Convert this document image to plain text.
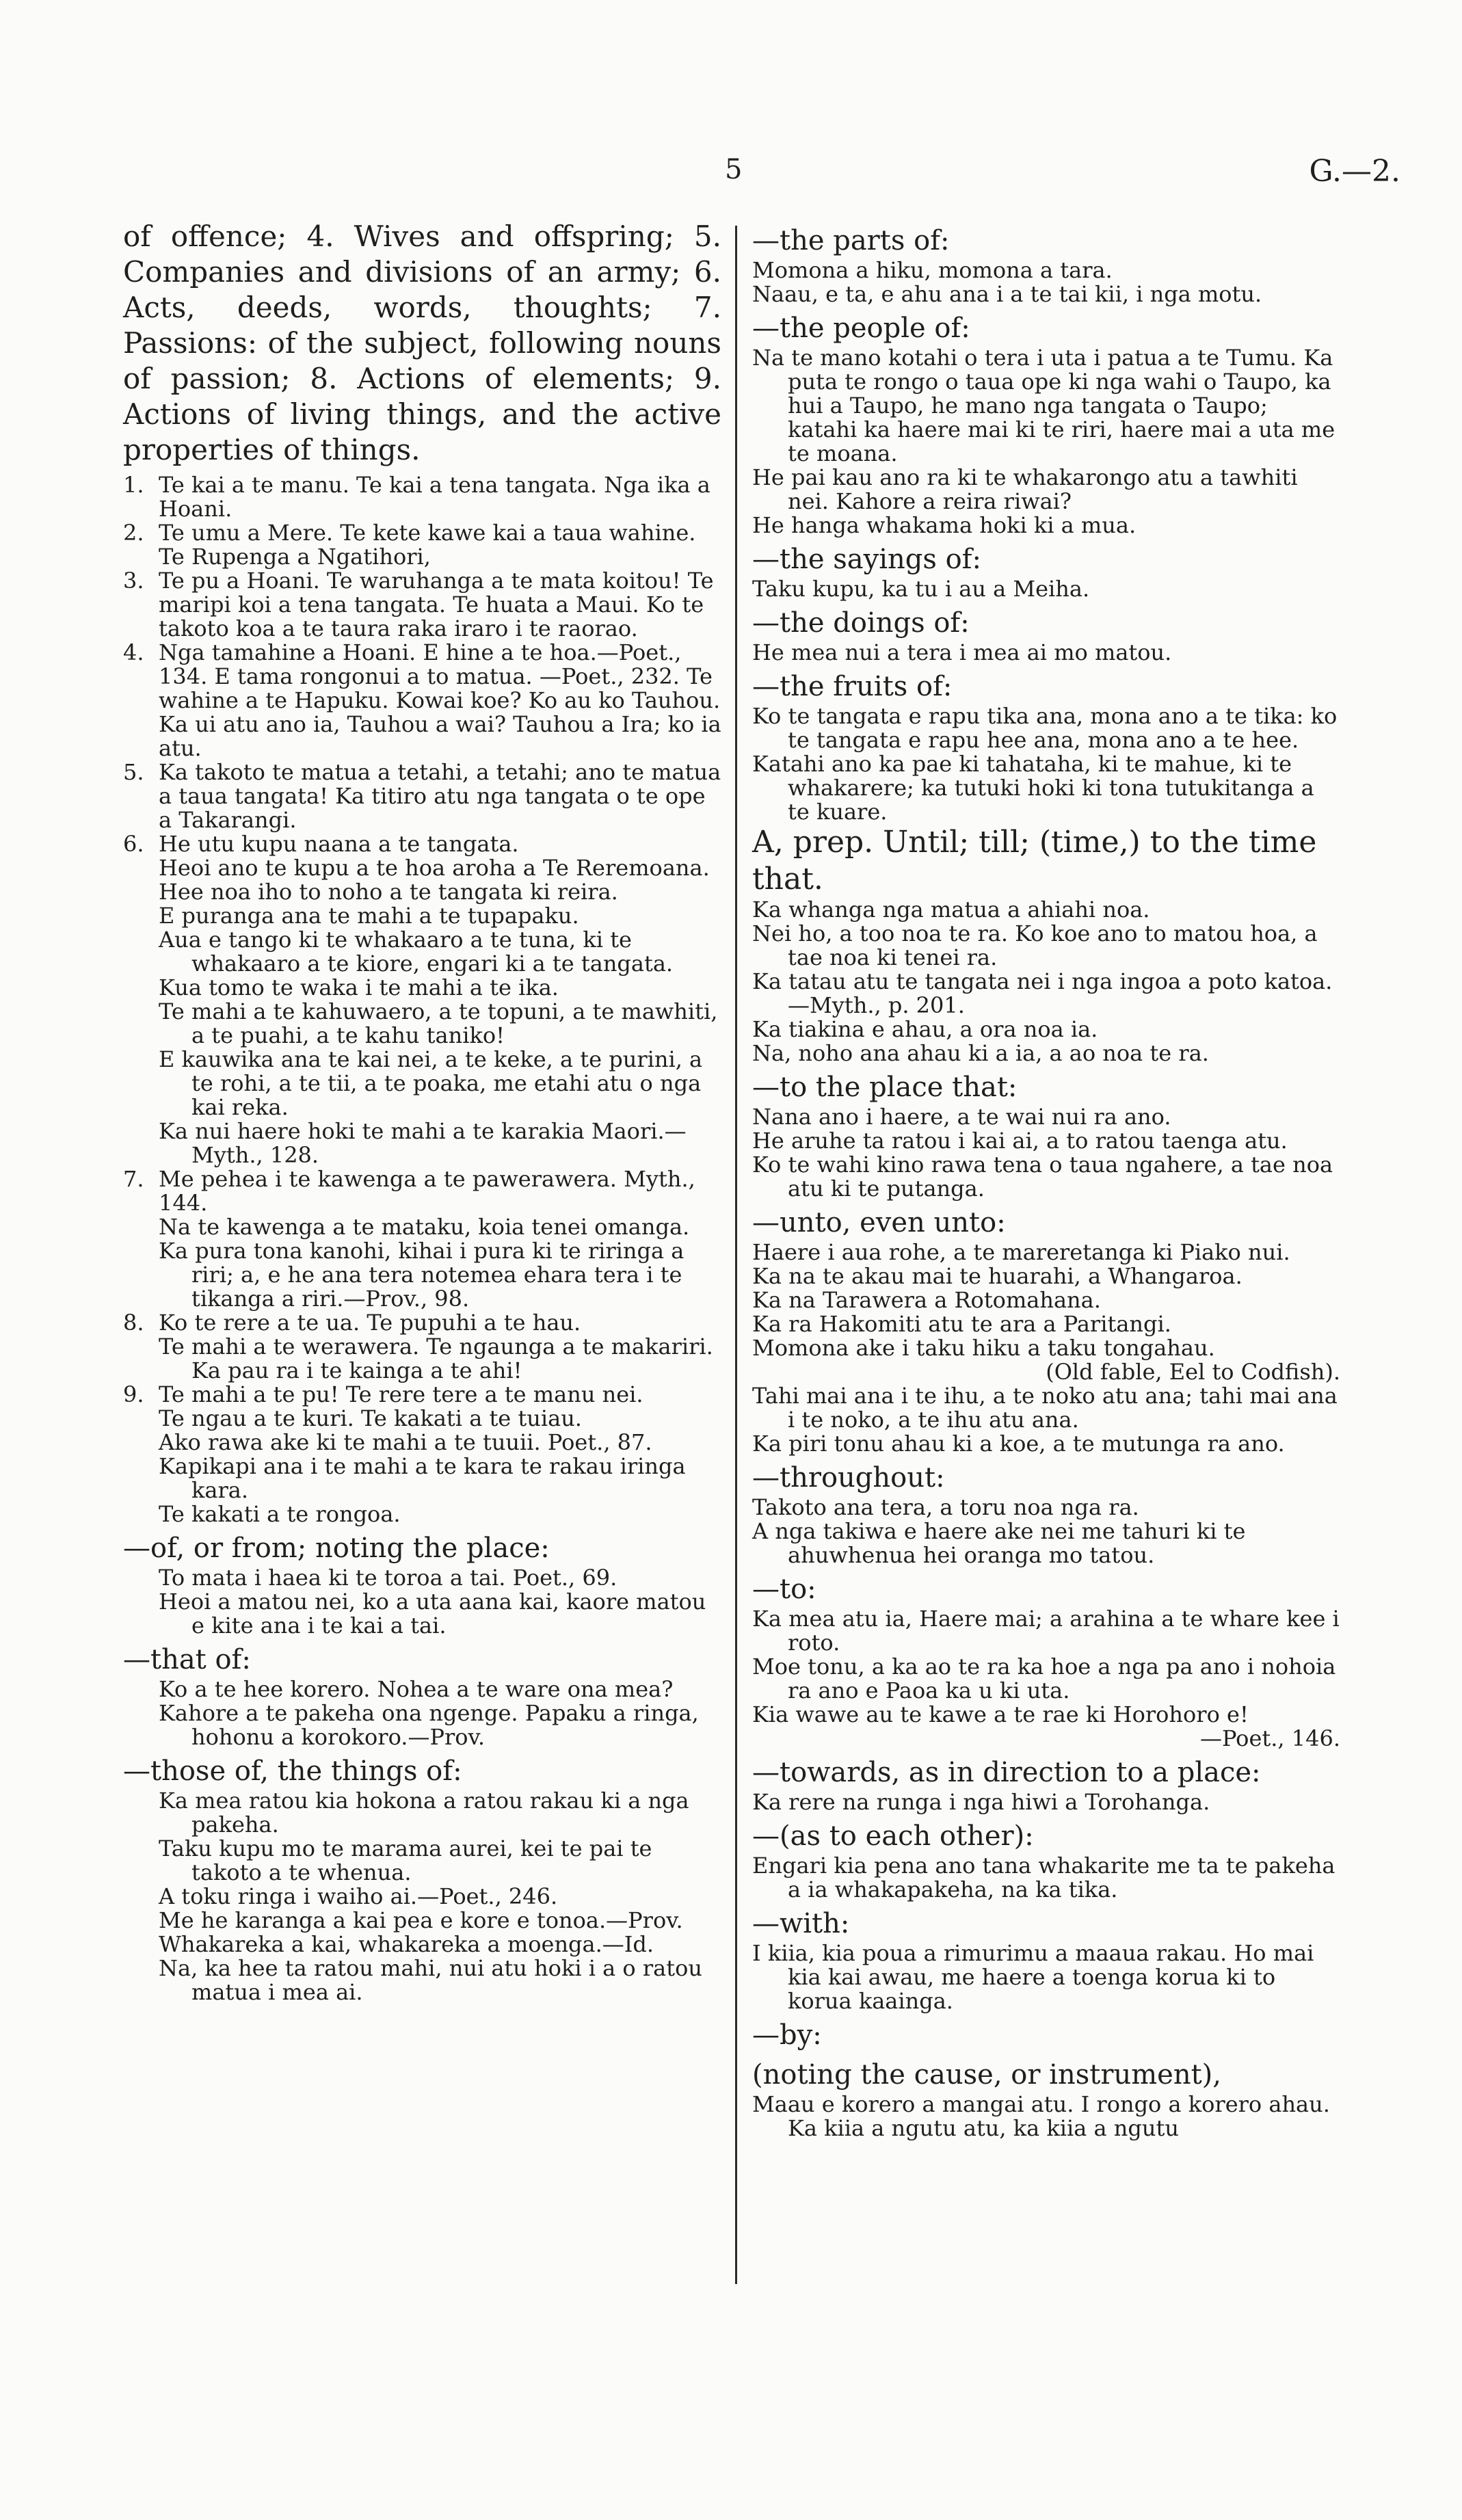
5	G.—2.

of offence; 4. Wives and offspring; 5. Companies and divisions of an army; 6. Acts, deeds, words, thoughts; 7. Passions: of the subject, following nouns of passion; 8. Actions of elements; 9. Actions of living things, and the active properties of things.

1. Te kai a te manu. Te kai a tena tangata. Nga ika a Hoani.

2. Te umu a Mere. Te kete kawe kai a taua wahine. Te Rupenga a Ngatihori,

3. Te pu a Hoani. Te waruhanga a te mata koitou! Te maripi koi a tena tangata. Te huata a Maui. Ko te takoto koa a te taura raka iraro i te raorao.

4. Nga tamahine a Hoani. E hine a te hoa.—Poet., 134. E tama rongonui a to matua. —Poet., 232. Te wahine a te Hapuku. Kowai koe? Ko au ko Tauhou. Ka ui atu ano ia, Tauhou a wai? Tauhou a Ira; ko ia atu.

5. Ka takoto te matua a tetahi, a tetahi; ano te matua a taua tangata! Ka titiro atu nga tangata o te ope a Takarangi.

6. He utu kupu naana a te tangata.

Heoi ano te kupu a te hoa aroha a Te Reremoana.

Hee noa iho to noho a te tangata ki reira.

E puranga ana te mahi a te tupapaku.

Aua e tango ki te whakaaro a te tuna, ki te whakaaro a te kiore, engari ki a te tangata.

Kua tomo te waka i te mahi a te ika.

Te mahi a te kahuwaero, a te topuni, a te mawhiti, a te puahi, a te kahu taniko!

E kauwika ana te kai nei, a te keke, a te purini, a te rohi, a te tii, a te poaka, me etahi atu o nga kai reka.

Ka nui haere hoki te mahi a te karakia Maori.—Myth., 128.

7. Me pehea i te kawenga a te pawerawera. Myth., 144.

Na te kawenga a te mataku, koia tenei omanga.

Ka pura tona kanohi, kihai i pura ki te riringa a riri; a, e he ana tera notemea ehara tera i te tikanga a riri.—Prov., 98.

8. Ko te rere a te ua. Te pupuhi a te hau.

Te mahi a te werawera. Te ngaunga a te makariri. Ka pau ra i te kainga a te ahi!

9. Te mahi a te pu! Te rere tere a te manu nei.

Te ngau a te kuri. Te kakati a te tuiau.

Ako rawa ake ki te mahi a te tuuii. Poet., 87.

Kapikapi ana i te mahi a te kara te rakau iringa kara.

Te kakati a te rongoa.

—of, or from; noting the place:

To mata i haea ki te toroa a tai. Poet., 69.

Heoi a matou nei, ko a uta aana kai, kaore matou e kite ana i te kai a tai.

—that of:

Ko a te hee korero. Nohea a te ware ona mea?

Kahore a te pakeha ona ngenge. Papaku a ringa, hohonu a korokoro.—Prov.

—those of, the things of:

Ka mea ratou kia hokona a ratou rakau ki a nga pakeha.

Taku kupu mo te marama aurei, kei te pai te takoto a te whenua.

A toku ringa i waiho ai.—Poet., 246.

Me he karanga a kai pea e kore e tonoa.—Prov.

Whakareka a kai, whakareka a moenga.—Id.

Na, ka hee ta ratou mahi, nui atu hoki i a o ratou matua i mea ai.

—the parts of:

Momona a hiku, momona a tara.

Naau, e ta, e ahu ana i a te tai kii, i nga motu.

—the people of:

Na te mano kotahi o tera i uta i patua a te Tumu. Ka puta te rongo o taua ope ki nga wahi o Taupo, ka hui a Taupo, he mano nga tangata o Taupo; katahi ka haere mai ki te riri, haere mai a uta me te moana.

He pai kau ano ra ki te whakarongo atu a tawhiti nei. Kahore a reira riwai?

He hanga whakama hoki ki a mua.

—the sayings of:

Taku kupu, ka tu i au a Meiha.

—the doings of:

He mea nui a tera i mea ai mo matou.

—the fruits of:

Ko te tangata e rapu tika ana, mona ano a te tika: ko te tangata e rapu hee ana, mona ano a te hee.

Katahi ano ka pae ki tahataha, ki te mahue, ki te whakarere; ka tutuki hoki ki tona tutukitanga a te kuare.

A, prep. Until; till; (time,) to the time that.

Ka whanga nga matua a ahiahi noa.

Nei ho, a too noa te ra. Ko koe ano to matou hoa, a tae noa ki tenei ra.

Ka tatau atu te tangata nei i nga ingoa a poto katoa.—Myth., p. 201.

Ka tiakina e ahau, a ora noa ia.

Na, noho ana ahau ki a ia, a ao noa te ra.

—to the place that:

Nana ano i haere, a te wai nui ra ano.

He aruhe ta ratou i kai ai, a to ratou taenga atu.

Ko te wahi kino rawa tena o taua ngahere, a tae noa atu ki te putanga.

—unto, even unto:

Haere i aua rohe, a te mareretanga ki Piako nui.

Ka na te akau mai te huarahi, a Whangaroa.

Ka na Tarawera a Rotomahana.

Ka ra Hakomiti atu te ara a Paritangi.

Momona ake i taku hiku a taku tongahau.

(Old fable, Eel to Codfish).

Tahi mai ana i te ihu, a te noko atu ana; tahi mai ana i te noko, a te ihu atu ana.

Ka piri tonu ahau ki a koe, a te mutunga ra ano.

—throughout:

Takoto ana tera, a toru noa nga ra.

A nga takiwa e haere ake nei me tahuri ki te ahuwhenua hei oranga mo tatou.

—to:

Ka mea atu ia, Haere mai; a arahina a te whare kee i roto.

Moe tonu, a ka ao te ra ka hoe a nga pa ano i nohoia ra ano e Paoa ka u ki uta.

Kia wawe au te kawe a te rae ki Horohoro e!

—Poet., 146.

—towards, as in direction to a place:

Ka rere na runga i nga hiwi a Torohanga.

—(as to each other):

Engari kia pena ano tana whakarite me ta te pakeha a ia whakapakeha, na ka tika.

—with:

I kiia, kia poua a rimurimu a maaua rakau. Ho mai kia kai awau, me haere a toenga korua ki to korua kaainga.

—by:

(noting the cause, or instrument),

Maau e korero a mangai atu. I rongo a korero ahau. Ka kiia a ngutu atu, ka kiia a ngutu
